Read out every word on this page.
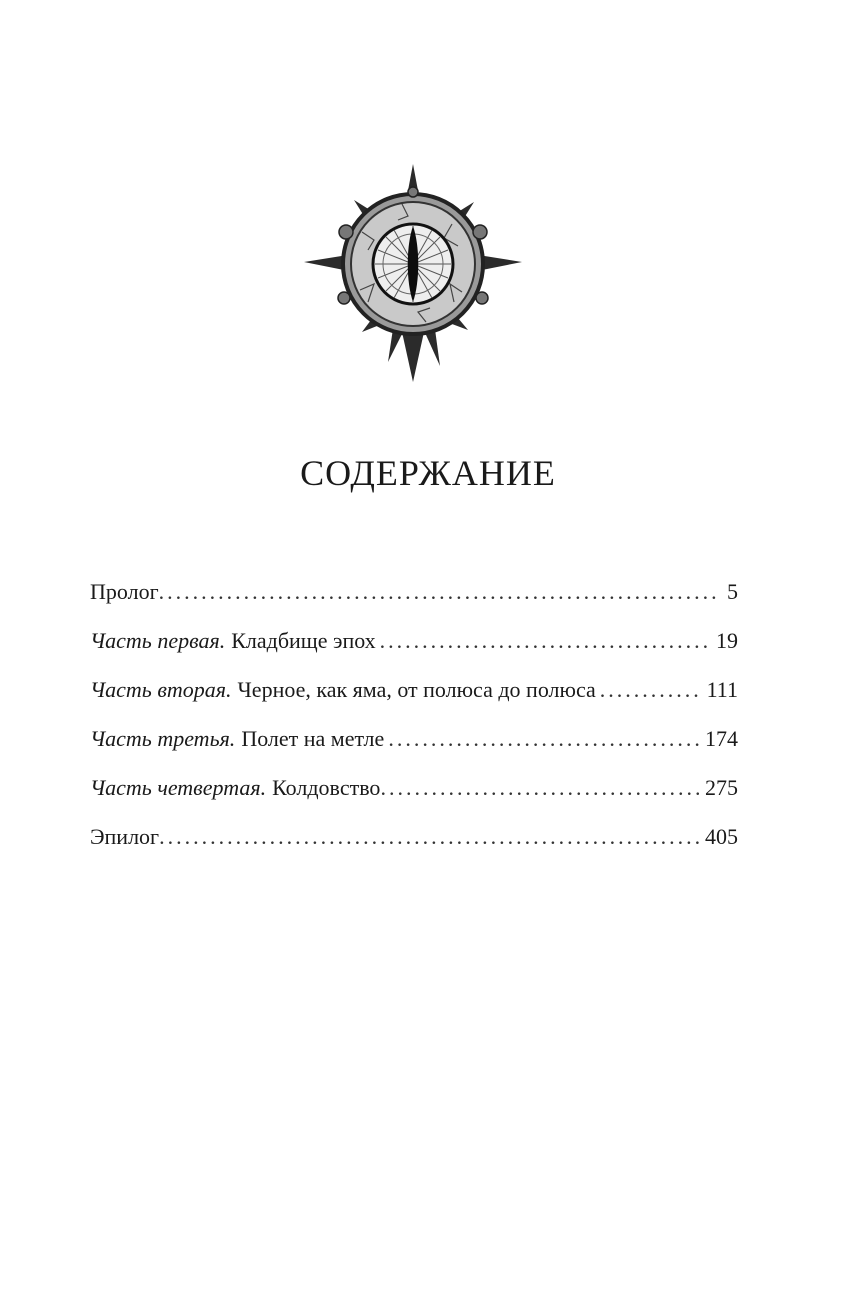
СОДЕРЖАНИЕ
Пролог .....	5
Часть первая. Кладбище эпох .....	19
Часть вторая. Черное, как яма, от полюса до полюса .....	111
Часть третья. Полет на метле .....	174
Часть четвертая. Колдовство .....	275
Эпилог .....	405
